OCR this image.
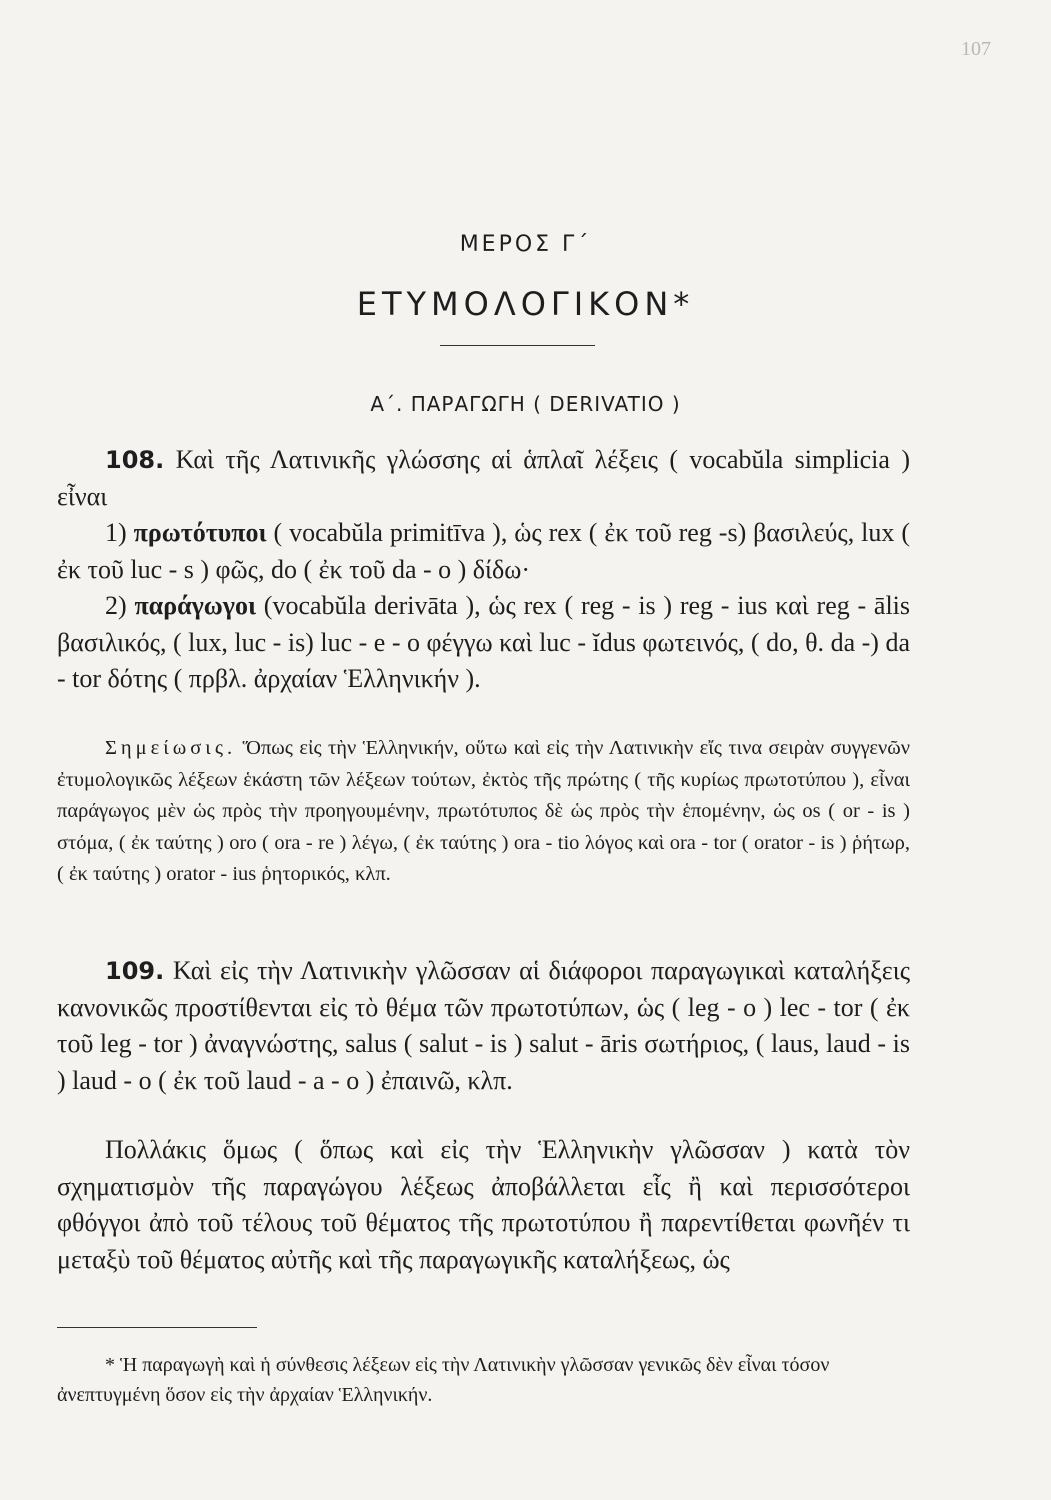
107
ΜΕΡΟΣ Γ΄
ΕΤΥΜΟΛΟΓΙΚΟΝ*
Α΄. ΠΑΡΑΓΩΓΗ ( DERIVATIO )

108. Καὶ τῆς Λατινικῆς γλώσσης αἱ ἁπλαῖ λέξεις ( vocabŭla simplicia ) εἶναι

1) πρωτότυποι ( vocabŭla primitīva ), ὡς rex ( ἐκ τοῦ reg -s) βασιλεύς, lux ( ἐκ τοῦ luc - s ) φῶς, do ( ἐκ τοῦ da - o ) δίδω·

2) παράγωγοι (vocabŭla derivāta ), ὡς rex ( reg - is ) reg - ius καὶ reg - ālis βασιλικός, ( lux, luc - is) luc - e - o φέγγω καὶ luc - ĭdus φωτεινός, ( do, θ. da -) da - tor δότης ( πρβλ. ἀρχαίαν Ἑλληνικήν ).

Σημείωσις. Ὅπως εἰς τὴν Ἑλληνικήν, οὕτω καὶ εἰς τὴν Λατινικὴν εἴς τινα σειρὰν συγγενῶν ἐτυμολογικῶς λέξεων ἑκάστη τῶν λέξεων τούτων, ἐκτὸς τῆς πρώτης ( τῆς κυρίως πρωτοτύπου ), εἶναι παράγωγος μὲν ὡς πρὸς τὴν προηγουμένην, πρωτότυπος δὲ ὡς πρὸς τὴν ἑπομένην, ὡς os ( or - is ) στόμα, ( ἐκ ταύτης ) oro ( ora - re ) λέγω, ( ἐκ ταύτης ) ora - tio λόγος καὶ ora - tor ( orator - is ) ῥήτωρ, ( ἐκ ταύτης ) orator - ius ῥητορικός, κλπ.

109. Καὶ εἰς τὴν Λατινικὴν γλῶσσαν αἱ διάφοροι παραγωγικαὶ καταλήξεις κανονικῶς προστίθενται εἰς τὸ θέμα τῶν πρωτοτύπων, ὡς ( leg - o ) lec - tor ( ἐκ τοῦ leg - tor ) ἀναγνώστης, salus ( salut - is ) salut - āris σωτήριος, ( laus, laud - is ) laud - o ( ἐκ τοῦ laud - a - o ) ἐπαινῶ, κλπ.

Πολλάκις ὅμως ( ὅπως καὶ εἰς τὴν Ἑλληνικὴν γλῶσσαν ) κατὰ τὸν σχηματισμὸν τῆς παραγώγου λέξεως ἀποβάλλεται εἷς ἢ καὶ περισσότεροι φθόγγοι ἀπὸ τοῦ τέλους τοῦ θέματος τῆς πρωτοτύπου ἢ παρεντίθεται φωνῆέν τι μεταξὺ τοῦ θέματος αὐτῆς καὶ τῆς παραγωγικῆς καταλήξεως, ὡς

* Ἡ παραγωγὴ καὶ ἡ σύνθεσις λέξεων εἰς τὴν Λατινικὴν γλῶσσαν γενικῶς δὲν εἶναι τόσον ἀνεπτυγμένη ὅσον εἰς τὴν ἀρχαίαν Ἑλληνικήν.
